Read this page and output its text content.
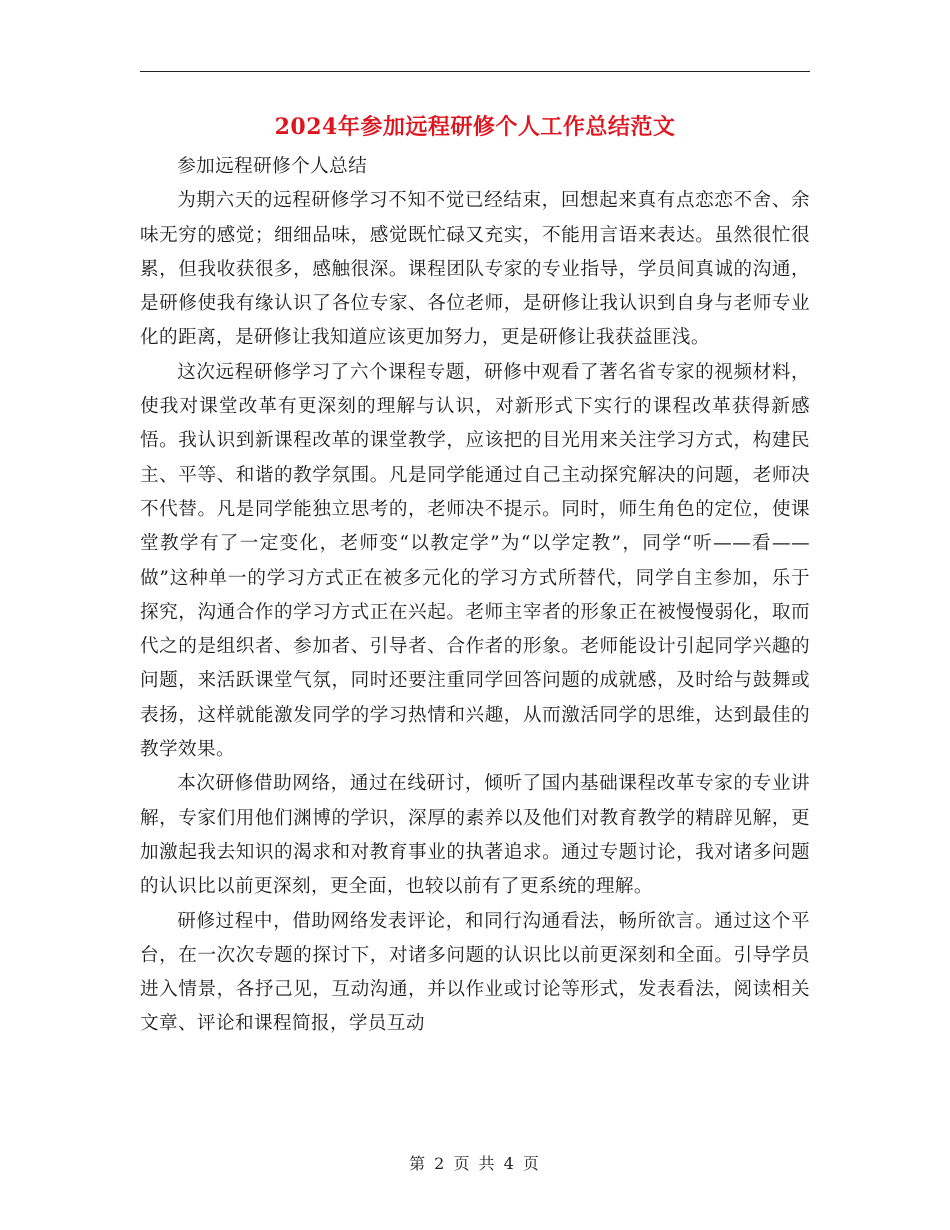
2024年参加远程研修个人工作总结范文

参加远程研修个人总结

为期六天的远程研修学习不知不觉已经结束，回想起来真有点恋恋不舍、余味无穷的感觉；细细品味，感觉既忙碌又充实，不能用言语来表达。虽然很忙很累，但我收获很多，感触很深。课程团队专家的专业指导，学员间真诚的沟通，是研修使我有缘认识了各位专家、各位老师，是研修让我认识到自身与老师专业化的距离，是研修让我知道应该更加努力，更是研修让我获益匪浅。

这次远程研修学习了六个课程专题，研修中观看了著名省专家的视频材料，使我对课堂改革有更深刻的理解与认识，对新形式下实行的课程改革获得新感悟。我认识到新课程改革的课堂教学，应该把的目光用来关注学习方式，构建民主、平等、和谐的教学氛围。凡是同学能通过自己主动探究解决的问题，老师决不代替。凡是同学能独立思考的，老师决不提示。同时，师生角色的定位，使课堂教学有了一定变化，老师变“以教定学”为“以学定教”，同学“听——看——做”这种单一的学习方式正在被多元化的学习方式所替代，同学自主参加，乐于探究，沟通合作的学习方式正在兴起。老师主宰者的形象正在被慢慢弱化，取而代之的是组织者、参加者、引导者、合作者的形象。老师能设计引起同学兴趣的问题，来活跃课堂气氛，同时还要注重同学回答问题的成就感，及时给与鼓舞或表扬，这样就能激发同学的学习热情和兴趣，从而激活同学的思维，达到最佳的教学效果。

本次研修借助网络，通过在线研讨，倾听了国内基础课程改革专家的专业讲解，专家们用他们渊博的学识，深厚的素养以及他们对教育教学的精辟见解，更加激起我去知识的渴求和对教育事业的执著追求。通过专题讨论，我对诸多问题的认识比以前更深刻，更全面，也较以前有了更系统的理解。

研修过程中，借助网络发表评论，和同行沟通看法，畅所欲言。通过这个平台，在一次次专题的探讨下，对诸多问题的认识比以前更深刻和全面。引导学员进入情景，各抒己见，互动沟通，并以作业或讨论等形式，发表看法，阅读相关文章、评论和课程简报，学员互动

第 2 页 共 4 页
